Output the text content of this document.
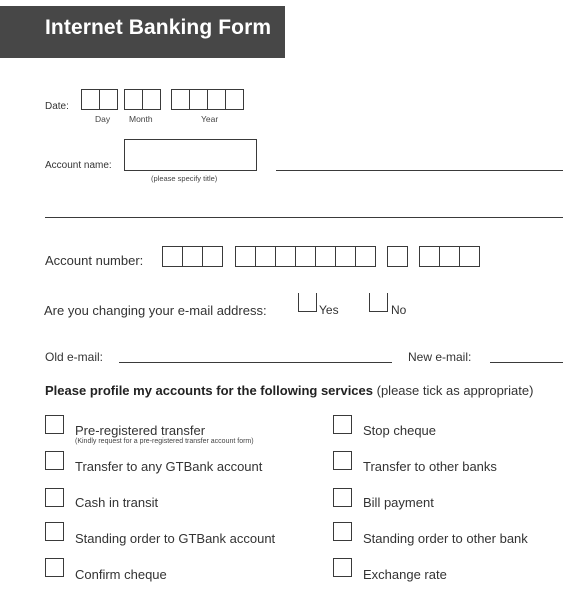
Internet Banking Form
Date:
Day Month	Year
Account name:
(please specify title)
Account number:
Are you changing your e-mail address:	Yes	No
Old e-mail:	New e-mail:
Please profile my accounts for the following services (please tick as appropriate)
Pre-registered transfer
(Kindly request for a pre-registered transfer account form)
Transfer to any GTBank account
Cash in transit
Standing order to GTBank account
Confirm cheque
Stop cheque
Transfer to other banks
Bill payment
Standing order to other bank
Exchange rate
